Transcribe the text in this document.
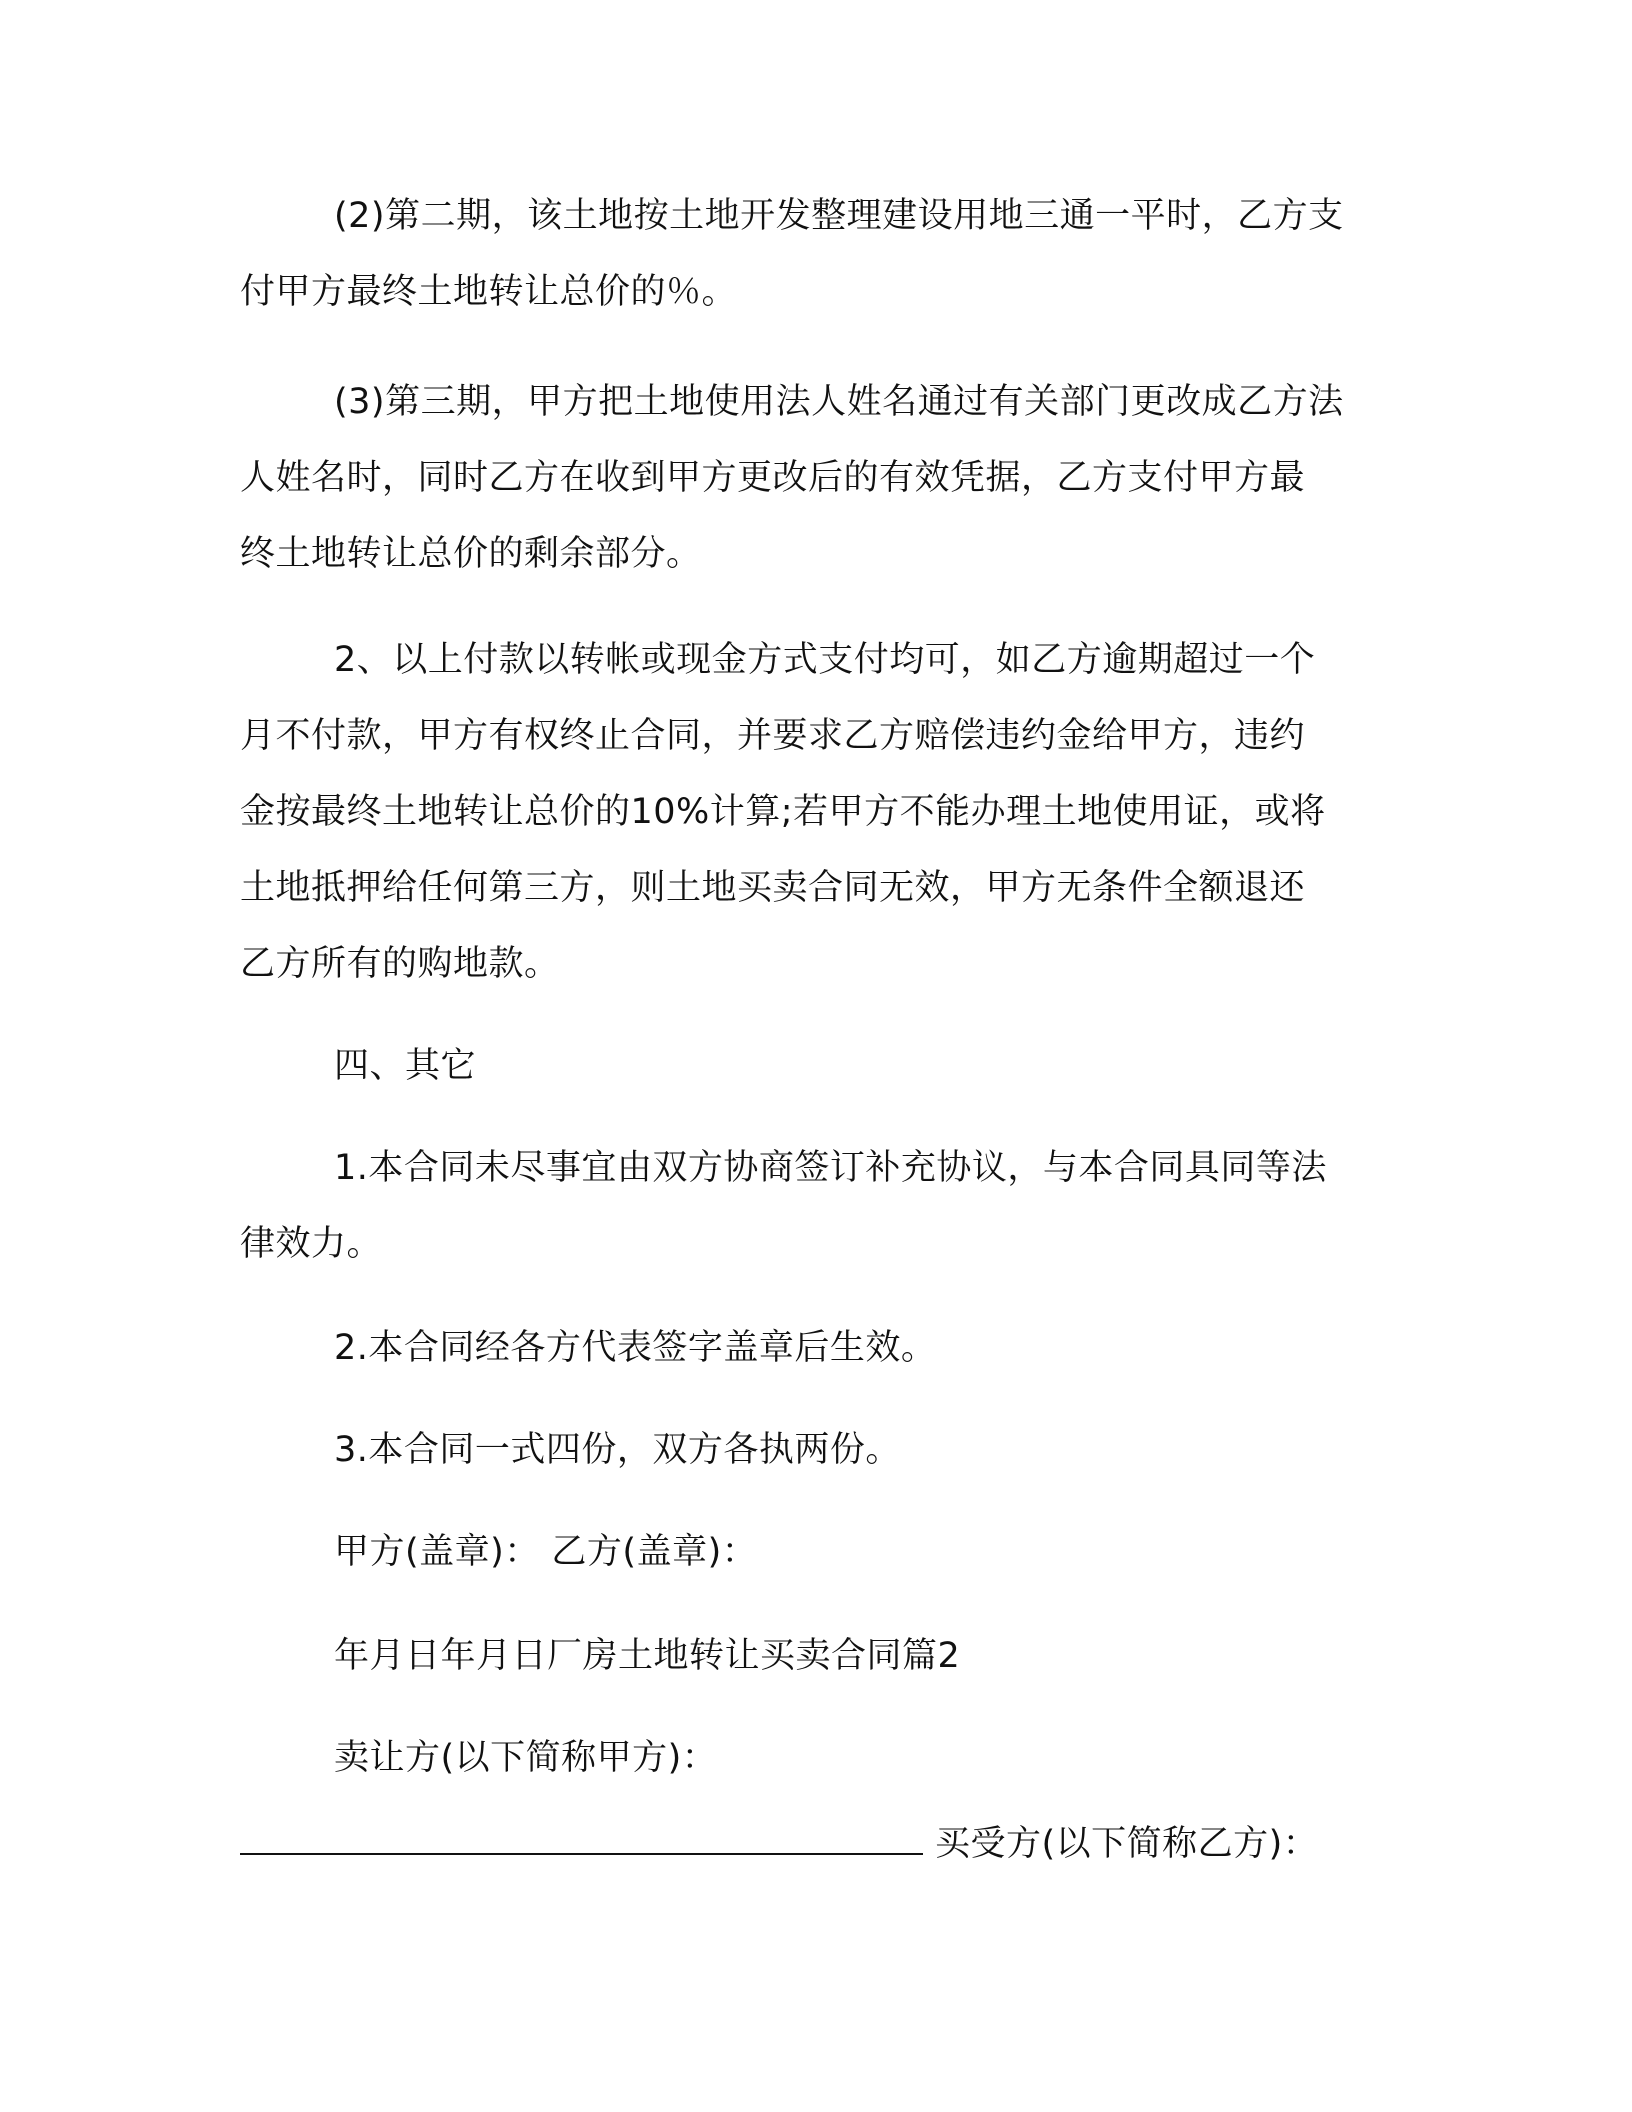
(2)第二期，该土地按土地开发整理建设用地三通一平时，乙方支
付甲方最终土地转让总价的％。

(3)第三期，甲方把土地使用法人姓名通过有关部门更改成乙方法
人姓名时，同时乙方在收到甲方更改后的有效凭据，乙方支付甲方最
终土地转让总价的剩余部分。

2、以上付款以转帐或现金方式支付均可，如乙方逾期超过一个
月不付款，甲方有权终止合同，并要求乙方赔偿违约金给甲方，违约
金按最终土地转让总价的10%计算;若甲方不能办理土地使用证，或将
土地抵押给任何第三方，则土地买卖合同无效，甲方无条件全额退还
乙方所有的购地款。

四、其它

1.本合同未尽事宜由双方协商签订补充协议，与本合同具同等法
律效力。

2.本合同经各方代表签字盖章后生效。

3.本合同一式四份，双方各执两份。

甲方(盖章)： 乙方(盖章)：

年月日年月日厂房土地转让买卖合同篇2

卖让方(以下简称甲方)：

买受方(以下简称乙方)：
